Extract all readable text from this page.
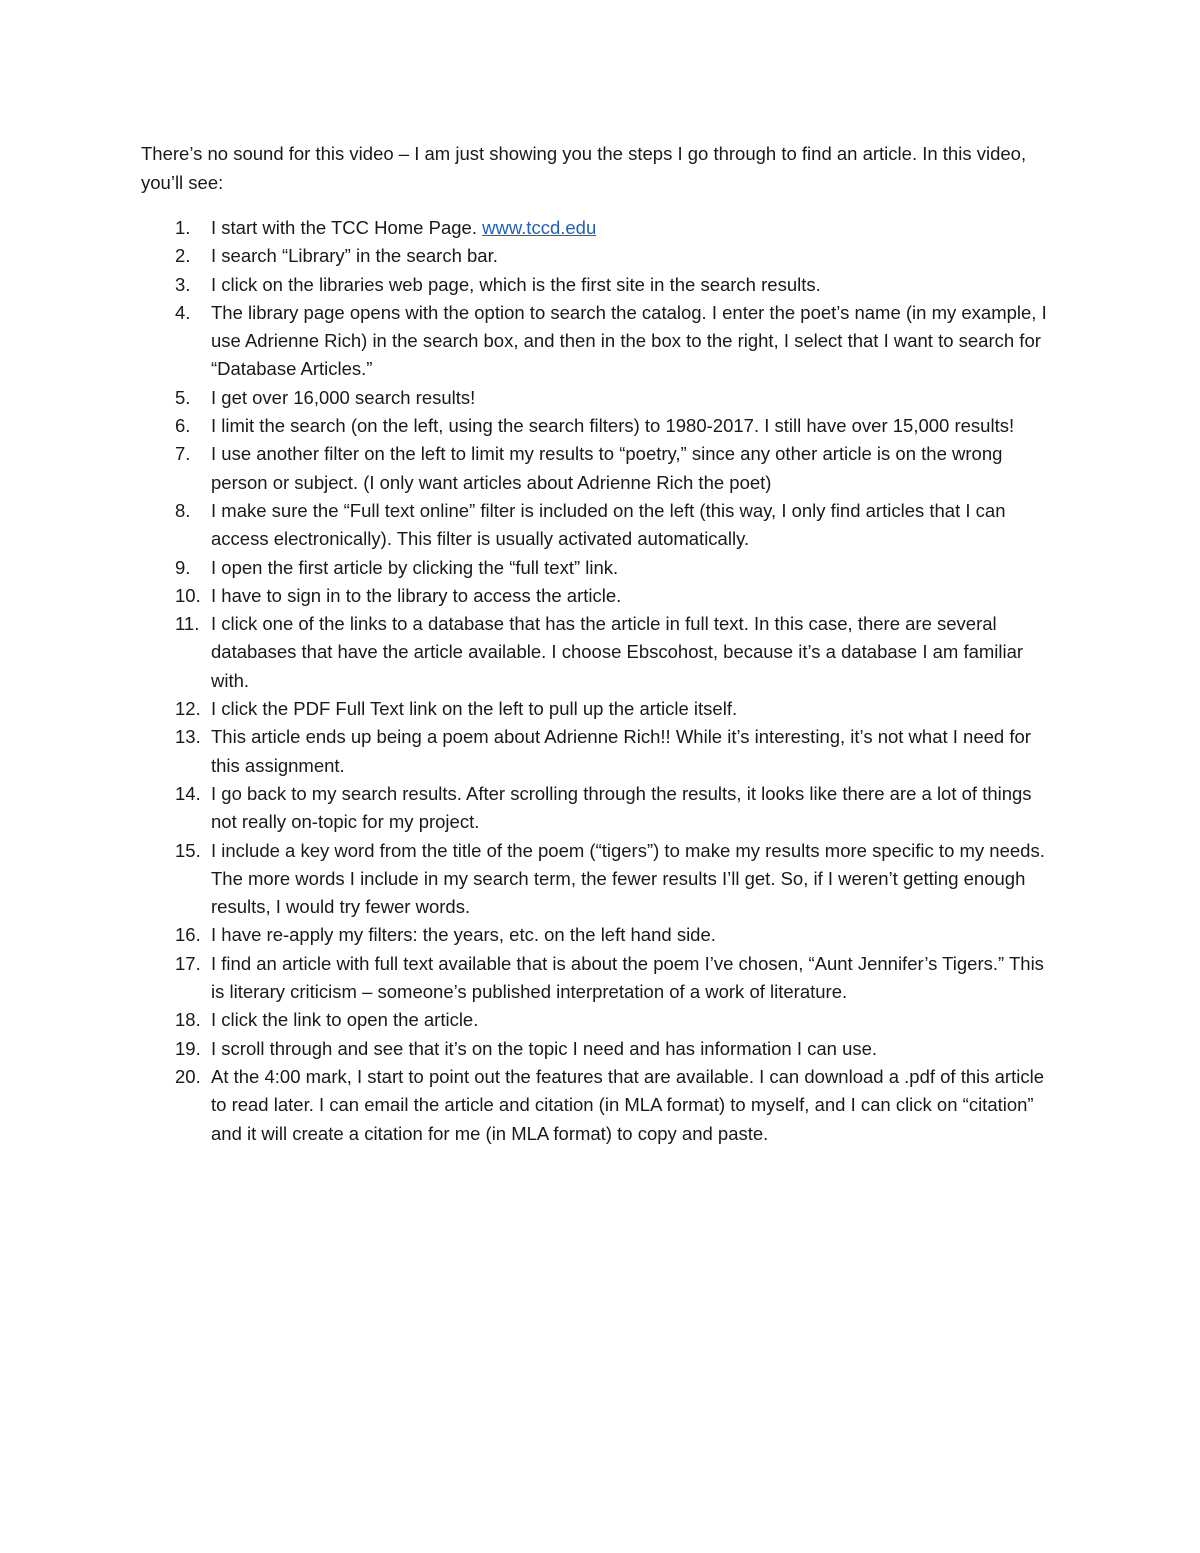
There’s no sound for this video – I am just showing you the steps I go through to find an article. In this video, you’ll see:

1. I start with the TCC Home Page. www.tccd.edu
2. I search “Library” in the search bar.
3. I click on the libraries web page, which is the first site in the search results.
4. The library page opens with the option to search the catalog. I enter the poet’s name (in my example, I use Adrienne Rich) in the search box, and then in the box to the right, I select that I want to search for “Database Articles.”
5. I get over 16,000 search results!
6. I limit the search (on the left, using the search filters) to 1980-2017. I still have over 15,000 results!
7. I use another filter on the left to limit my results to “poetry,” since any other article is on the wrong person or subject. (I only want articles about Adrienne Rich the poet)
8. I make sure the “Full text online” filter is included on the left (this way, I only find articles that I can access electronically). This filter is usually activated automatically.
9. I open the first article by clicking the “full text” link.
10. I have to sign in to the library to access the article.
11. I click one of the links to a database that has the article in full text. In this case, there are several databases that have the article available. I choose Ebscohost, because it’s a database I am familiar with.
12. I click the PDF Full Text link on the left to pull up the article itself.
13. This article ends up being a poem about Adrienne Rich!! While it’s interesting, it’s not what I need for this assignment.
14. I go back to my search results. After scrolling through the results, it looks like there are a lot of things not really on-topic for my project.
15. I include a key word from the title of the poem (“tigers”) to make my results more specific to my needs. The more words I include in my search term, the fewer results I’ll get. So, if I weren’t getting enough results, I would try fewer words.
16. I have re-apply my filters: the years, etc. on the left hand side.
17. I find an article with full text available that is about the poem I’ve chosen, “Aunt Jennifer’s Tigers.” This is literary criticism – someone’s published interpretation of a work of literature.
18. I click the link to open the article.
19. I scroll through and see that it’s on the topic I need and has information I can use.
20. At the 4:00 mark, I start to point out the features that are available. I can download a .pdf of this article to read later. I can email the article and citation (in MLA format) to myself, and I can click on “citation” and it will create a citation for me (in MLA format) to copy and paste.
